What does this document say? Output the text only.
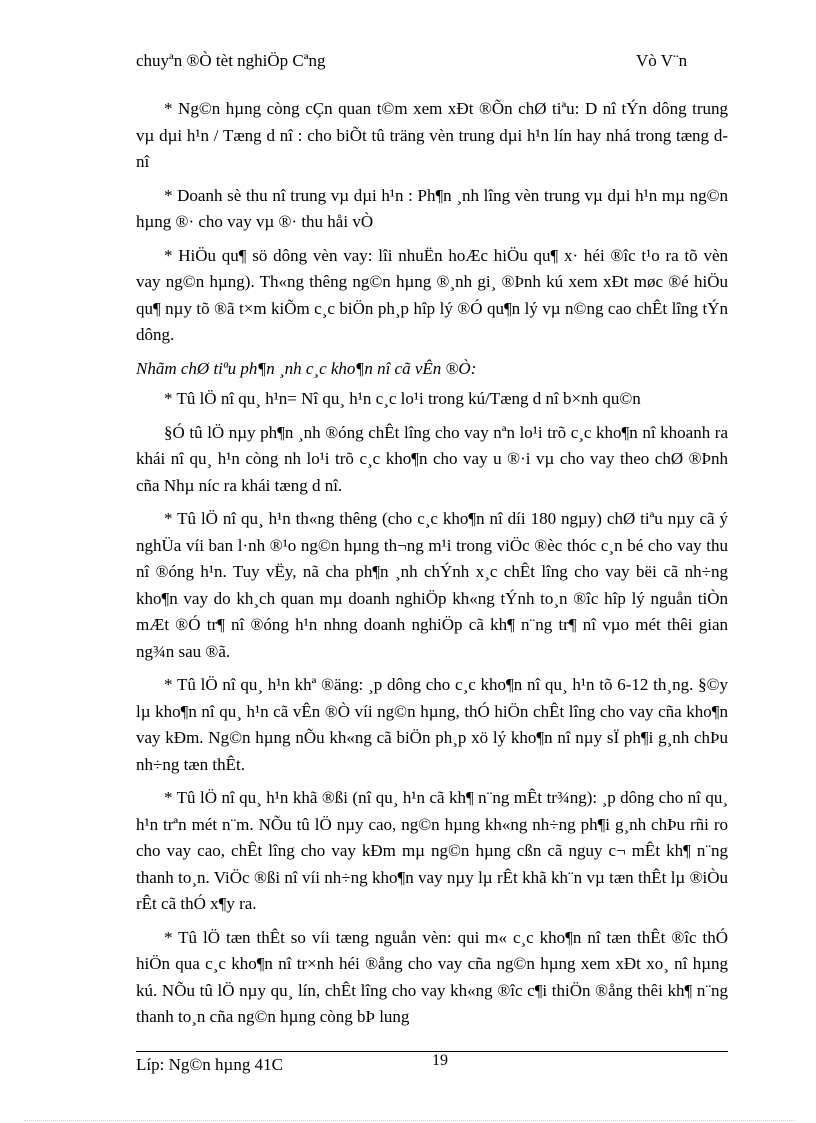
chuyªn ®Ò tèt nghiÖp Cªng	Vò V¨n

* Ng©n hµng còng cÇn quan t©m xem xÐt ®Õn chØ tiªu: D nî tÝn dông trung vµ dµi h¹n / Tæng d nî : cho biÕt tû träng vèn trung dµi h¹n lín hay nhá trong tæng d nî

* Doanh sè thu nî trung vµ dµi h¹n : Ph¶n ¸nh lîng vèn trung vµ dµi h¹n mµ ng©n hµng ®· cho vay vµ ®· thu håi vÒ

* HiÖu qu¶ sö dông vèn vay: lîi nhuËn hoÆc hiÖu qu¶ x· héi ®îc t¹o ra tõ vèn vay ng©n hµng). Th«ng thêng ng©n hµng ®¸nh gi¸ ®Þnh kú xem xÐt møc ®é hiÖu qu¶ nµy tõ ®ã t×m kiÕm c¸c biÖn ph¸p hîp lý ®Ó qu¶n lý vµ n©ng cao chÊt lîng tÝn dông.

Nhãm chØ tiªu ph¶n ¸nh c¸c kho¶n nî cã vÊn ®Ò:

* Tû lÖ nî qu¸ h¹n= Nî qu¸ h¹n c¸c lo¹i trong kú/Tæng d nî b×nh qu©n

§Ó tû lÖ nµy ph¶n ¸nh ®óng chÊt lîng cho vay nªn lo¹i trõ c¸c kho¶n nî khoanh ra khái nî qu¸ h¹n còng nh lo¹i trõ c¸c kho¶n cho vay u ®·i vµ cho vay theo chØ ®Þnh cña Nhµ níc ra khái tæng d nî.

* Tû lÖ nî qu¸ h¹n th«ng thêng (cho c¸c kho¶n nî díi 180 ngµy) chØ tiªu nµy cã ý nghÜa víi ban l·nh ®¹o ng©n hµng th¬ng m¹i trong viÖc ®èc thóc c¸n bé cho vay thu nî ®óng h¹n. Tuy vËy, nã cha ph¶n ¸nh chÝnh x¸c chÊt lîng cho vay bëi cã nh÷ng kho¶n vay do kh¸ch quan mµ doanh nghiÖp kh«ng tÝnh to¸n ®îc hîp lý nguån tiÒn mÆt ®Ó tr¶ nî ®óng h¹n nhng doanh nghiÖp cã kh¶ n¨ng tr¶ nî vµo mét thêi gian ng¾n sau ®ã.

* Tû lÖ nî qu¸ h¹n khª ®äng: ¸p dông cho c¸c kho¶n nî qu¸ h¹n tõ 6-12 th¸ng. §©y lµ kho¶n nî qu¸ h¹n cã vÊn ®Ò víi ng©n hµng, thÓ hiÖn chÊt lîng cho vay cña kho¶n vay kÐm. Ng©n hµng nÕu kh«ng cã biÖn ph¸p xö lý kho¶n nî nµy sÏ ph¶i g¸nh chÞu nh÷ng tæn thÊt.

* Tû lÖ nî qu¸ h¹n khã ®ßi (nî qu¸ h¹n cã kh¶ n¨ng mÊt tr¾ng): ¸p dông cho nî qu¸ h¹n trªn mét n¨m. NÕu tû lÖ nµy cao, ng©n hµng kh«ng nh÷ng ph¶i g¸nh chÞu rñi ro cho vay cao, chÊt lîng cho vay kÐm mµ ng©n hµng cßn cã nguy c¬ mÊt kh¶ n¨ng thanh to¸n. ViÖc ®ßi nî víi nh÷ng kho¶n vay nµy lµ rÊt khã kh¨n vµ tæn thÊt lµ ®iÒu rÊt cã thÓ x¶y ra.

* Tû lÖ tæn thÊt so víi tæng nguån vèn: qui m« c¸c kho¶n nî tæn thÊt ®îc thÓ hiÖn qua c¸c kho¶n nî tr×nh héi ®ång cho vay cña ng©n hµng xem xÐt xo¸ nî hµng kú. NÕu tû lÖ nµy qu¸ lín, chÊt lîng cho vay kh«ng ®îc c¶i thiÖn ®ång thêi kh¶ n¨ng thanh to¸n cña ng©n hµng còng bÞ lung

Líp: Ng©n hµng 41C	19
